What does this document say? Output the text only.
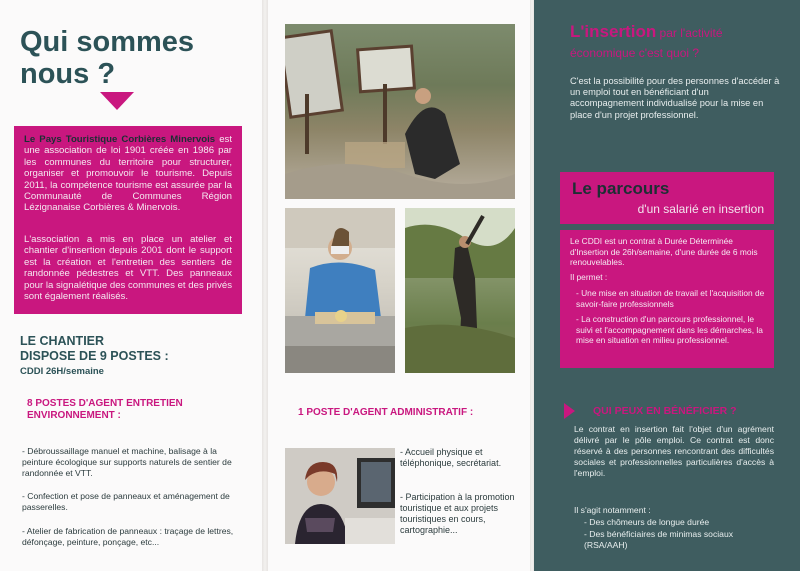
Qui sommes
nous ?

Le Pays Touristique Corbières Minervois est une association de loi 1901 créée en 1986 par les communes du territoire pour structurer, organiser et promouvoir le tourisme. Depuis 2011, la compétence tourisme est assurée par la Communauté de Communes Région Lézignanaise Corbières & Minervois.

L'association a mis en place un atelier et chantier d'insertion depuis 2001 dont le support est la création et l'entretien des sentiers de randonnée pédestres et VTT. Des panneaux pour la signalétique des communes et des privés sont également réalisés.

LE CHANTIER
DISPOSE DE 9 POSTES :
CDDI 26H/semaine
8 POSTES D'AGENT ENTRETIEN ENVIRONNEMENT :
- Débroussaillage manuel et machine, balisage à la peinture écologique sur supports naturels de sentier de randonnée et VTT.
- Confection et pose de panneaux et aménagement de passerelles.
- Atelier de fabrication de panneaux : traçage de lettres, défonçage, peinture, ponçage, etc...
1 POSTE D'AGENT ADMINISTRATIF :
- Accueil physique et téléphonique, secrétariat.
- Participation à la promotion touristique et aux projets touristiques en cours, cartographie...
L'insertion par l'activité
économique c'est quoi ?
C'est la possibilité pour des personnes d'accéder à un emploi tout en bénéficiant d'un accompagnement individualisé pour la mise en place d'un projet professionnel.
Le parcours
d'un salarié en insertion

Le CDDI est un contrat à Durée Déterminée d'Insertion de 26h/semaine, d'une durée de 6 mois renouvelables.

Il permet :

- Une mise en situation de travail et l'acquisition de savoir-faire professionnels

- La construction d'un parcours professionnel, le suivi et l'accompagnement dans les démarches, la mise en situation en milieu professionnel.

QUI PEUX EN BÉNÉFICIER ?
Le contrat en insertion fait l'objet d'un agrément délivré par le pôle emploi. Ce contrat est donc réservé à des personnes rencontrant des difficultés sociales et professionnelles particulières d'accès à l'emploi.
Il s'agit notamment :
- Des chômeurs de longue durée
- Des bénéficiaires de minimas sociaux (RSA/AAH)
